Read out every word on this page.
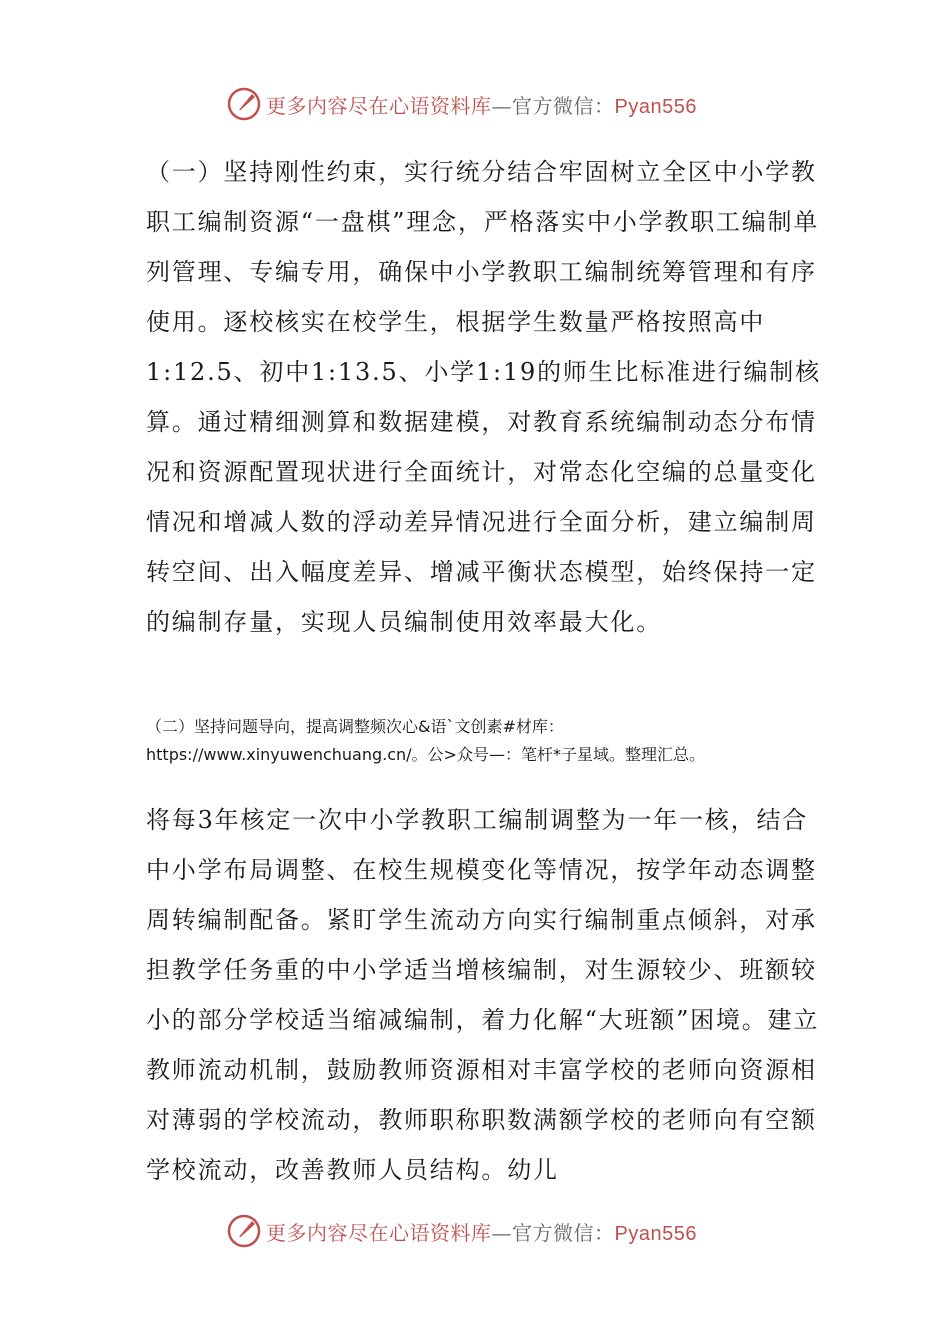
更多内容尽在心语资料库—官方微信：Pyan556

（一）坚持刚性约束，实行统分结合牢固树立全区中小学教职工编制资源“一盘棋”理念，严格落实中小学教职工编制单列管理、专编专用，确保中小学教职工编制统筹管理和有序使用。逐校核实在校学生，根据学生数量严格按照高中1:12.5、初中1:13.5、小学1:19的师生比标准进行编制核算。通过精细测算和数据建模，对教育系统编制动态分布情况和资源配置现状进行全面统计，对常态化空编的总量变化情况和增减人数的浮动差异情况进行全面分析，建立编制周转空间、出入幅度差异、增减平衡状态模型，始终保持一定的编制存量，实现人员编制使用效率最大化。

（二）坚持问题导向，提高调整频次心&语`文创素#材库：https://www.xinyuwenchuang.cn/。公>众号—：笔杆*子星域。整理汇总。

将每3年核定一次中小学教职工编制调整为一年一核，结合中小学布局调整、在校生规模变化等情况，按学年动态调整周转编制配备。紧盯学生流动方向实行编制重点倾斜，对承担教学任务重的中小学适当增核编制，对生源较少、班额较小的部分学校适当缩减编制，着力化解“大班额”困境。建立教师流动机制，鼓励教师资源相对丰富学校的老师向资源相对薄弱的学校流动，教师职称职数满额学校的老师向有空额学校流动，改善教师人员结构。幼儿

更多内容尽在心语资料库—官方微信：Pyan556
